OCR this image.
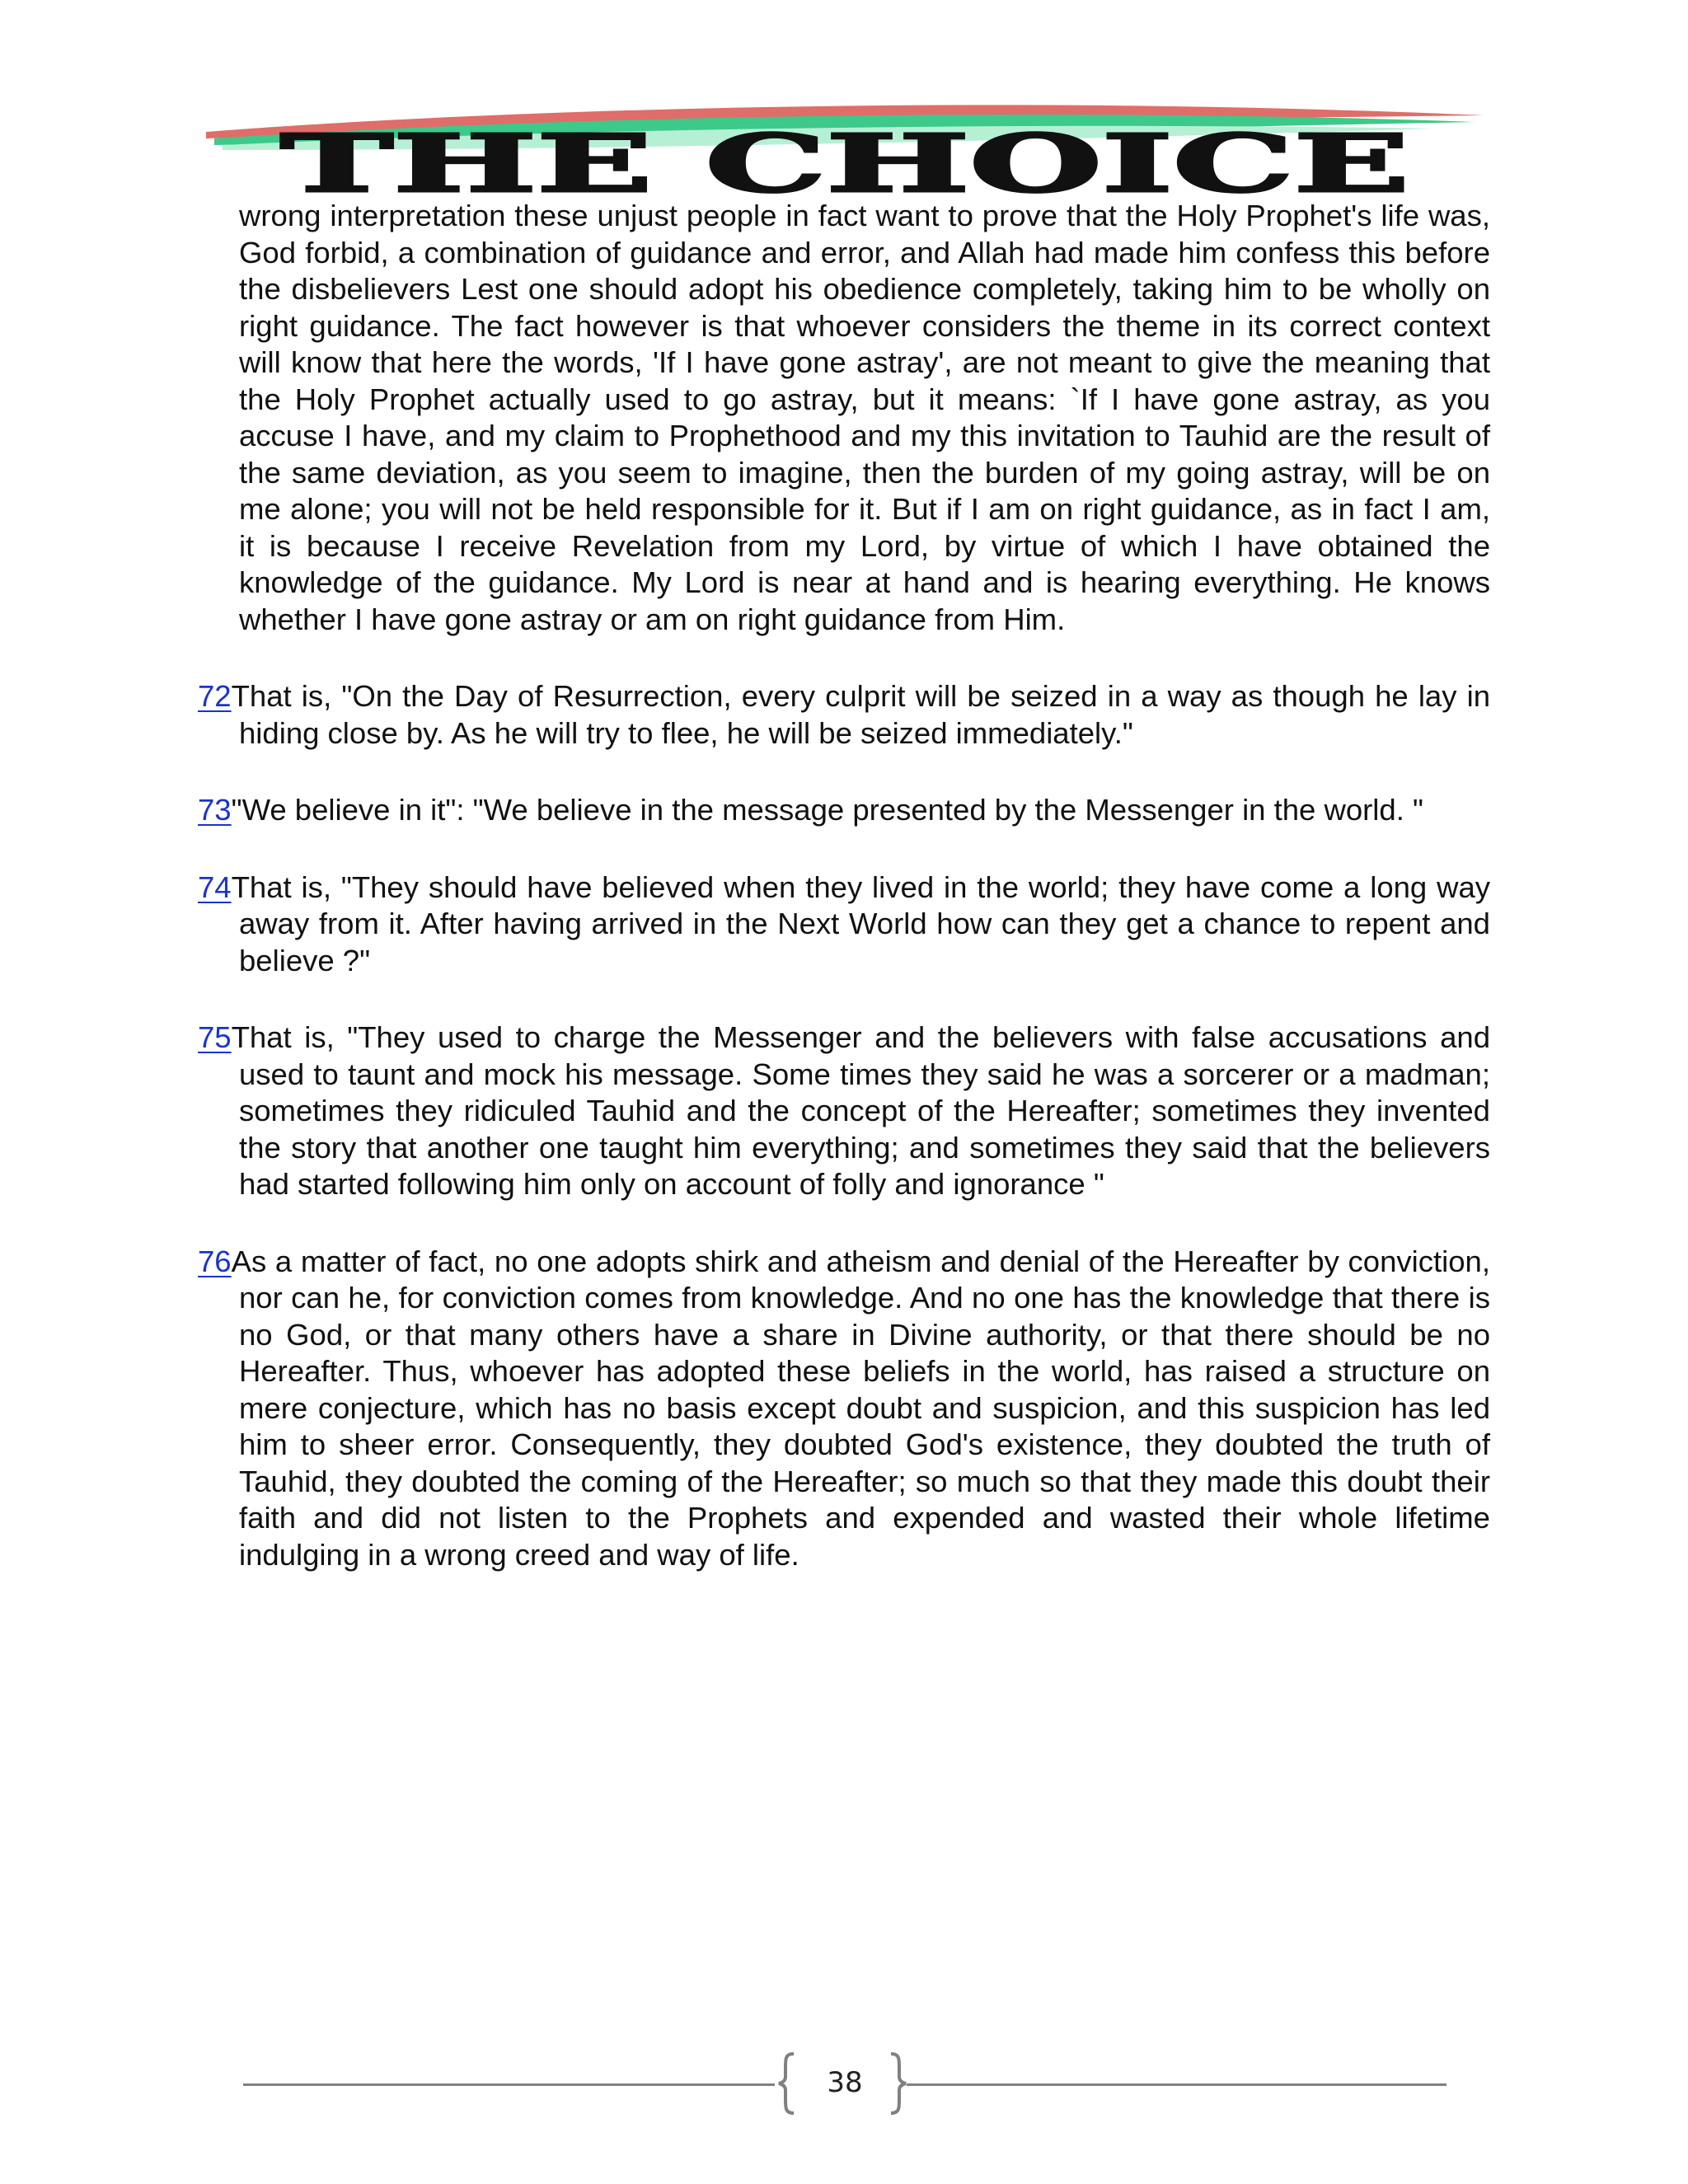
THE CHOICE

wrong interpretation these unjust people in fact want to prove that the Holy Prophet's life was, God forbid, a combination of guidance and error, and Allah had made him confess this before the disbelievers Lest one should adopt his obedience completely, taking him to be wholly on right guidance. The fact however is that whoever considers the theme in its correct context will know that here the words, 'If I have gone astray', are not meant to give the meaning that the Holy Prophet actually used to go astray, but it means: `If I have gone astray, as you accuse I have, and my claim to Prophethood and my this invitation to Tauhid are the result of the same deviation, as you seem to imagine, then the burden of my going astray, will be on me alone; you will not be held responsible for it. But if I am on right guidance, as in fact I am, it is because I receive Revelation from my Lord, by virtue of which I have obtained the knowledge of the guidance. My Lord is near at hand and is hearing everything. He knows whether I have gone astray or am on right guidance from Him.

72That is, "On the Day of Resurrection, every culprit will be seized in a way as though he lay in hiding close by. As he will try to flee, he will be seized immediately."

73"We believe in it": "We believe in the message presented by the Messenger in the world. "

74That is, "They should have believed when they lived in the world; they have come a long way away from it. After having arrived in the Next World how can they get a chance to repent and believe ?"

75That is, "They used to charge the Messenger and the believers with false accusations and used to taunt and mock his message. Some times they said he was a sorcerer or a madman; sometimes they ridiculed Tauhid and the concept of the Hereafter; sometimes they invented the story that another one taught him everything; and sometimes they said that the believers had started following him only on account of folly and ignorance "

76As a matter of fact, no one adopts shirk and atheism and denial of the Hereafter by conviction, nor can he, for conviction comes from knowledge. And no one has the knowledge that there is no God, or that many others have a share in Divine authority, or that there should be no Hereafter. Thus, whoever has adopted these beliefs in the world, has raised a structure on mere conjecture, which has no basis except doubt and suspicion, and this suspicion has led him to sheer error. Consequently, they doubted God's existence, they doubted the truth of Tauhid, they doubted the coming of the Hereafter; so much so that they made this doubt their faith and did not listen to the Prophets and expended and wasted their whole lifetime indulging in a wrong creed and way of life.

38
